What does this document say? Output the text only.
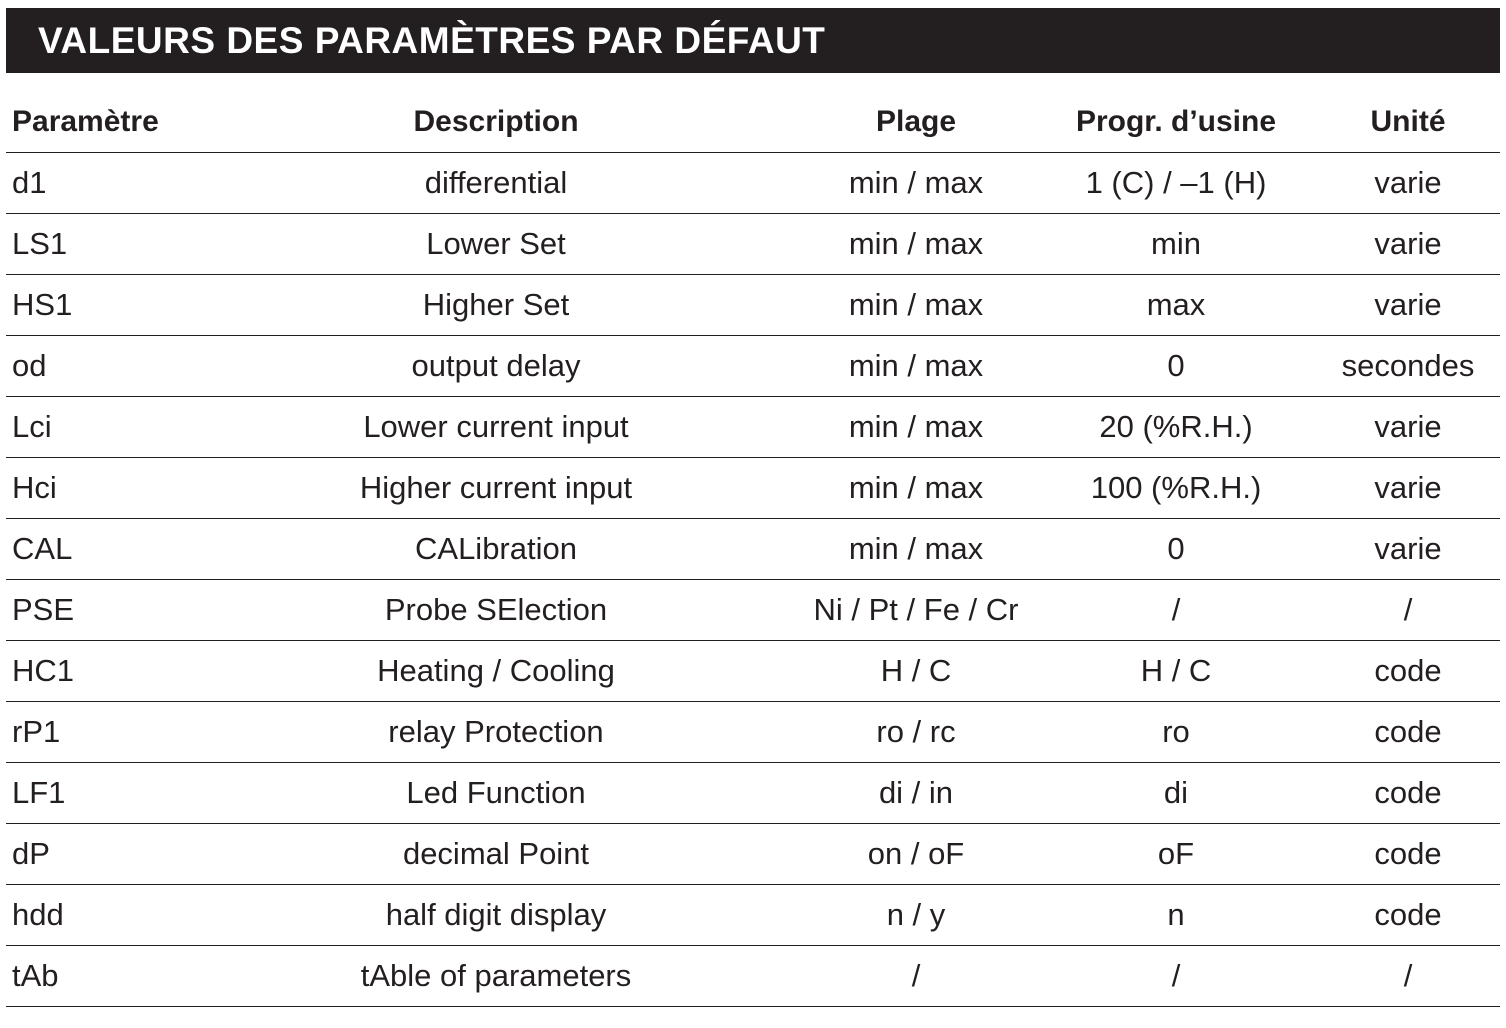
VALEURS DES PARAMÈTRES PAR DÉFAUT
Paramètre	Description	Plage	Progr. d’usine	Unité
d1	differential	min / max	1 (C) / –1 (H)	varie
LS1	Lower Set	min / max	min	varie
HS1	Higher Set	min / max	max	varie
od	output delay	min / max	0	secondes
Lci	Lower current input	min / max	20 (%R.H.)	varie
Hci	Higher current input	min / max	100 (%R.H.)	varie
CAL	CALibration	min / max	0	varie
PSE	Probe SElection	Ni / Pt / Fe / Cr	/	/
HC1	Heating / Cooling	H / C	H / C	code
rP1	relay Protection	ro / rc	ro	code
LF1	Led Function	di / in	di	code
dP	decimal Point	on / oF	oF	code
hdd	half digit display	n / y	n	code
tAb	tAble of parameters	/	/	/
